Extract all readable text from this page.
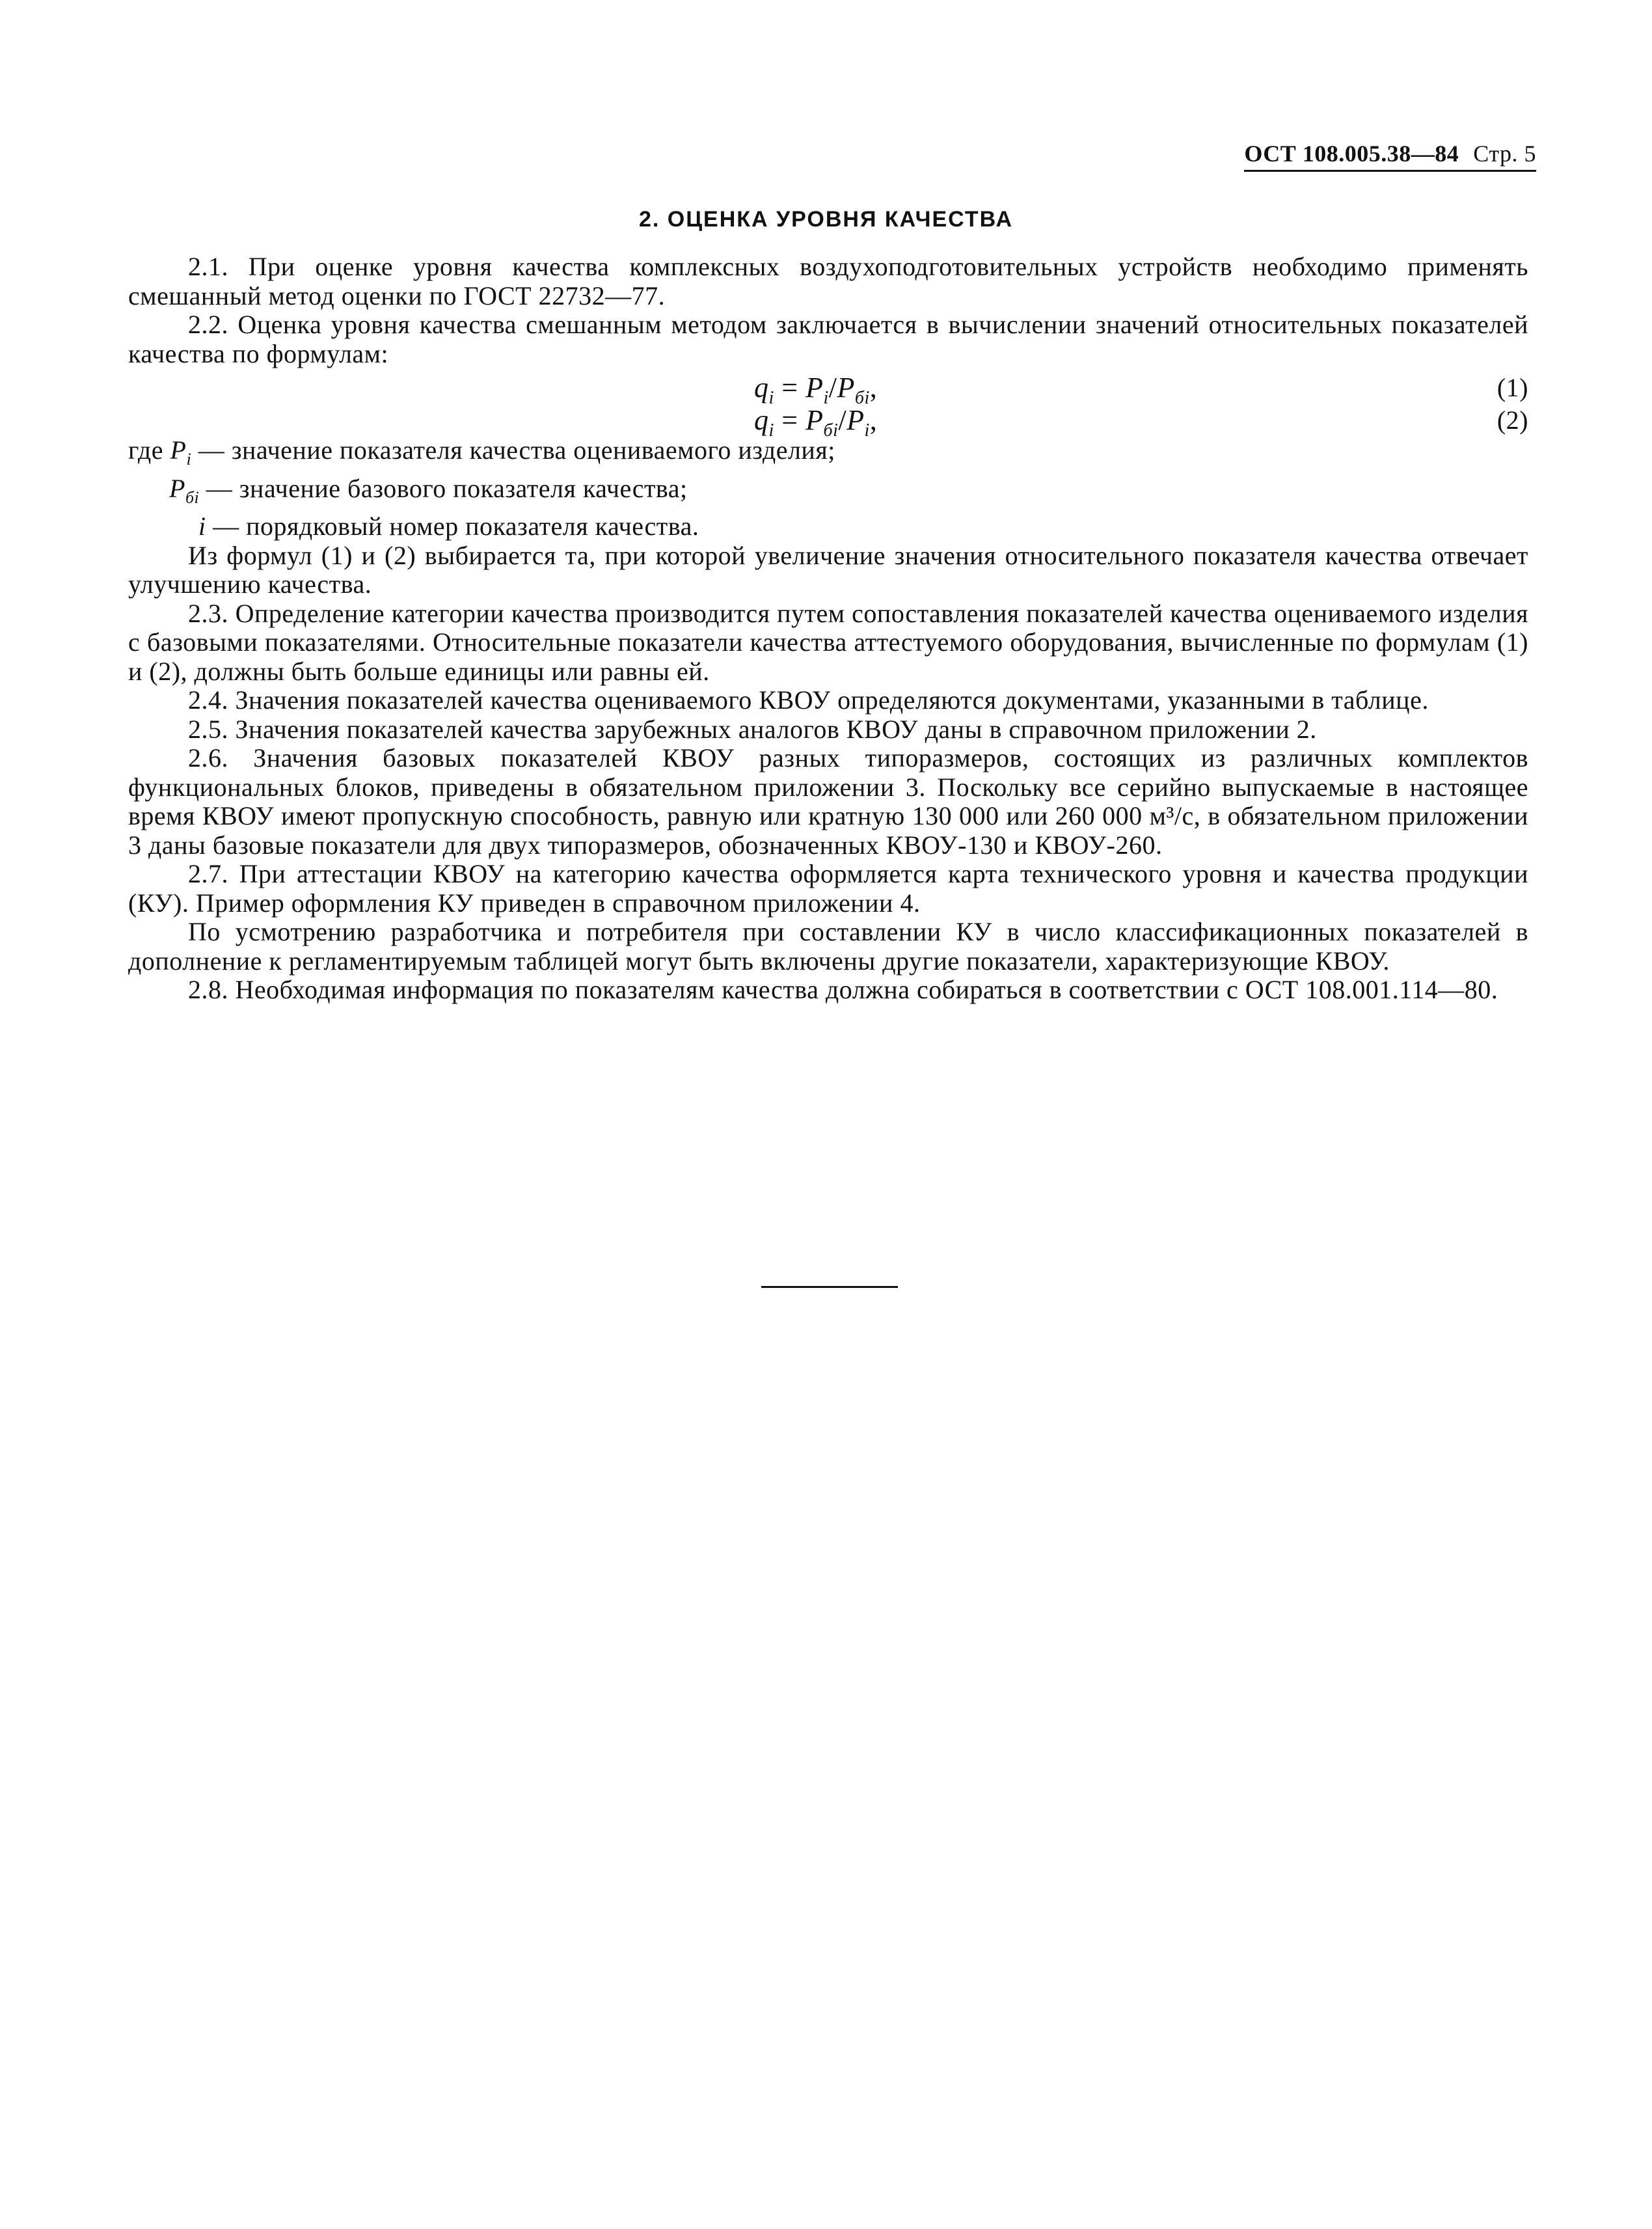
ОСТ 108.005.38—84 Стр. 5
2. ОЦЕНКА УРОВНЯ КАЧЕСТВА

2.1. При оценке уровня качества комплексных воздухоподготовительных устройств необходимо применять смешанный метод оценки по ГОСТ 22732—77.

2.2. Оценка уровня качества смешанным методом заключается в вычислении значений относительных показателей качества по формулам:

$q_i = P_i/P_{бi}$,	(1)
$q_i = P_{бi}/P_i$,	(2)

где $P_i$ — значение показателя качества оцениваемого изделия;

$P_{бi}$ — значение базового показателя качества;

i — порядковый номер показателя качества.

Из формул (1) и (2) выбирается та, при которой увеличение значения относительного показателя качества отвечает улучшению качества.

2.3. Определение категории качества производится путем сопоставления показателей качества оцениваемого изделия с базовыми показателями. Относительные показатели качества аттестуемого оборудования, вычисленные по формулам (1) и (2), должны быть больше единицы или равны ей.

2.4. Значения показателей качества оцениваемого КВОУ определяются документами, указанными в таблице.

2.5. Значения показателей качества зарубежных аналогов КВОУ даны в справочном приложении 2.

2.6. Значения базовых показателей КВОУ разных типоразмеров, состоящих из различных комплектов функциональных блоков, приведены в обязательном приложении 3. Поскольку все серийно выпускаемые в настоящее время КВОУ имеют пропускную способность, равную или кратную 130 000 или 260 000 м³/с, в обязательном приложении 3 даны базовые показатели для двух типоразмеров, обозначенных КВОУ-130 и КВОУ-260.

2.7. При аттестации КВОУ на категорию качества оформляется карта технического уровня и качества продукции (КУ). Пример оформления КУ приведен в справочном приложении 4.

По усмотрению разработчика и потребителя при составлении КУ в число классификационных показателей в дополнение к регламентируемым таблицей могут быть включены другие показатели, характеризующие КВОУ.

2.8. Необходимая информация по показателям качества должна собираться в соответствии с ОСТ 108.001.114—80.
